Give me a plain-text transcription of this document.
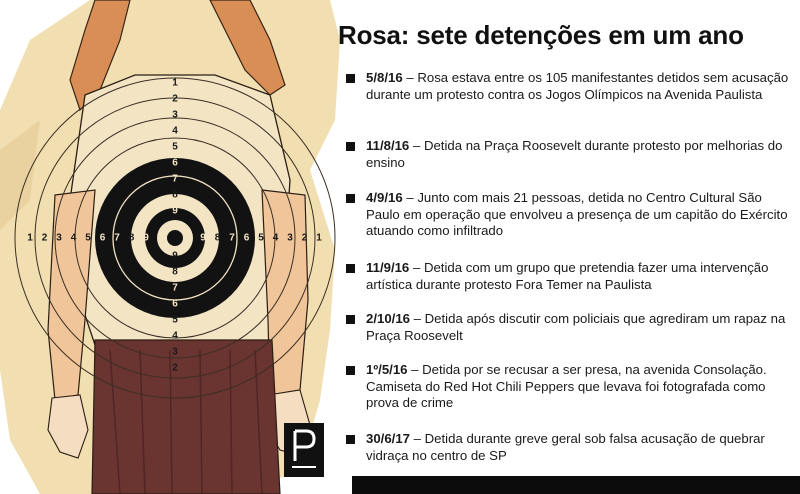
1 2 3 4 5 6 7 8 9	9 8 7 6 5 4 3 2 1
1
2
3
4
5
6
7
8
9
9
8
7
6
5
4
3
2
Rosa: sete detenções em um ano
5/8/16 – Rosa estava entre os 105 manifestantes detidos sem acusação durante um protesto contra os Jogos Olímpicos na Avenida Paulista
11/8/16 – Detida na Praça Roosevelt durante protesto por melhorias do ensino
4/9/16 – Junto com mais 21 pessoas, detida no Centro Cultural São Paulo em operação que envolveu a presença de um capitão do Exército atuando como infiltrado
11/9/16 – Detida com um grupo que pretendia fazer uma intervenção artística durante protesto Fora Temer na Paulista
2/10/16 – Detida após discutir com policiais que agrediram um rapaz na Praça Roosevelt
1º/5/16 – Detida por se recusar a ser presa, na avenida Consolação. Camiseta do Red Hot Chili Peppers que levava foi fotografada como prova de crime
30/6/17 – Detida durante greve geral sob falsa acusação de quebrar vidraça no centro de SP
